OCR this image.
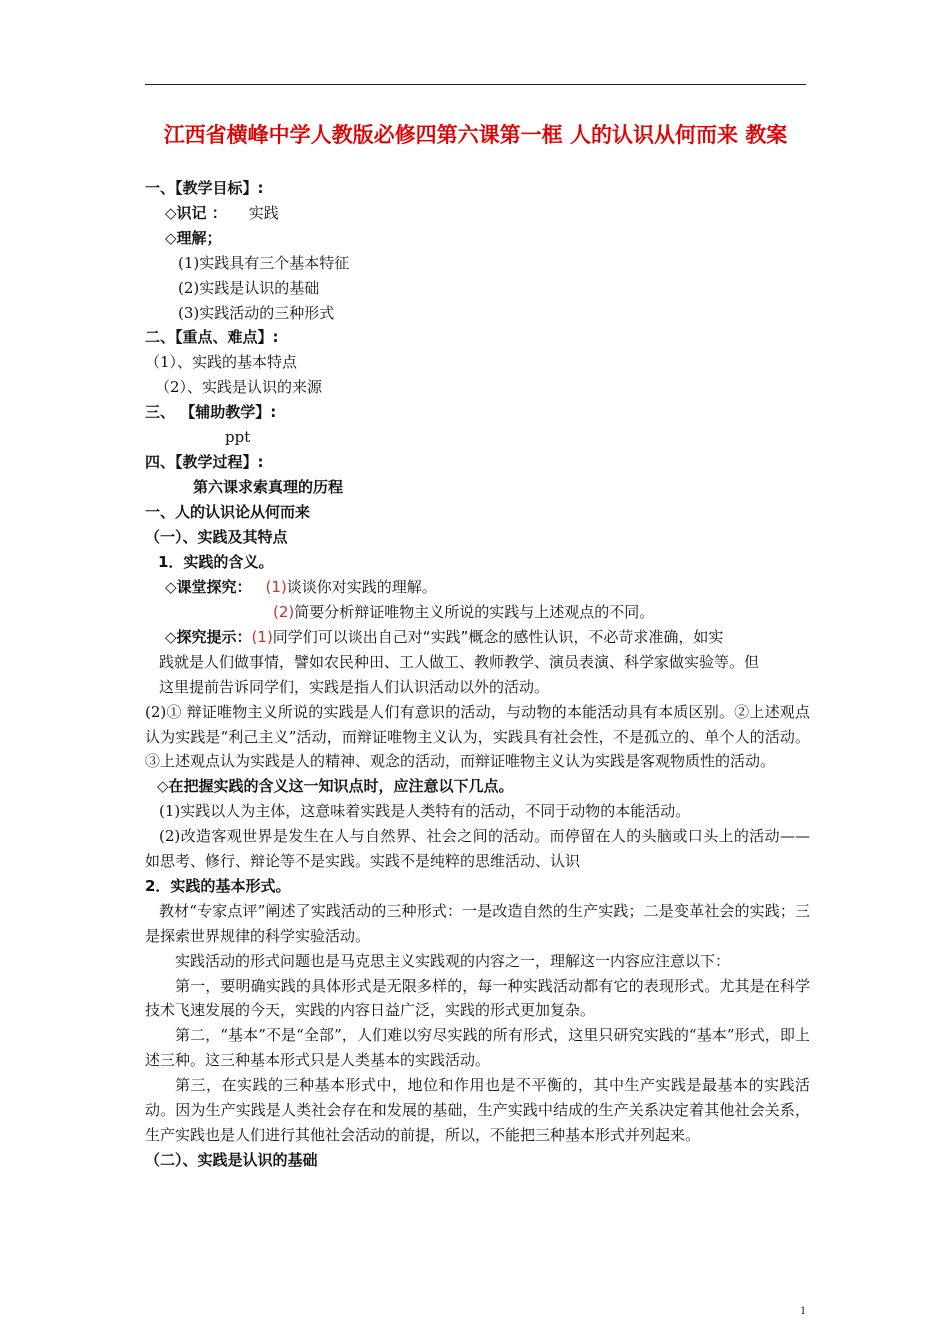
江西省横峰中学人教版必修四第六课第一框 人的认识从何而来 教案

一、【教学目标】:

◇识记 ： 实践

◇理解；

(1)实践具有三个基本特征

(2)实践是认识的基础

(3)实践活动的三种形式

二、【重点、难点】:

（1）、实践的基本特点

（2）、实践是认识的来源

三、 【辅助教学】:

ppt

四、【教学过程】:

第六课求索真理的历程

一、人的认识论从何而来

（一）、实践及其特点

1．实践的含义。

◇课堂探究： (1)谈谈你对实践的理解。

(2)简要分析辩证唯物主义所说的实践与上述观点的不同。

◇探究提示：(1)同学们可以谈出自己对“实践”概念的感性认识，不必苛求准确，如实

践就是人们做事情，譬如农民种田、工人做工、教师教学、演员表演、科学家做实验等。但

这里提前告诉同学们，实践是指人们认识活动以外的活动。

(2)① 辩证唯物主义所说的实践是人们有意识的活动，与动物的本能活动具有本质区别。②上述观点认为实践是“利己主义”活动，而辩证唯物主义认为，实践具有社会性，不是孤立的、单个人的活动。③上述观点认为实践是人的精神、观念的活动，而辩证唯物主义认为实践是客观物质性的活动。

◇在把握实践的含义这一知识点时，应注意以下几点。

(1)实践以人为主体，这意味着实践是人类特有的活动，不同于动物的本能活动。

(2)改造客观世界是发生在人与自然界、社会之间的活动。而停留在人的头脑或口头上的活动——如思考、修行、辩论等不是实践。实践不是纯粹的思维活动、认识

2．实践的基本形式。

教材“专家点评”阐述了实践活动的三种形式：一是改造自然的生产实践；二是变革社会的实践；三是探索世界规律的科学实验活动。

实践活动的形式问题也是马克思主义实践观的内容之一，理解这一内容应注意以下：

第一，要明确实践的具体形式是无限多样的，每一种实践活动都有它的表现形式。尤其是在科学技术飞速发展的今天，实践的内容日益广泛，实践的形式更加复杂。

第二，“基本”不是“全部”，人们难以穷尽实践的所有形式，这里只研究实践的“基本”形式，即上述三种。这三种基本形式只是人类基本的实践活动。

第三，在实践的三种基本形式中，地位和作用也是不平衡的，其中生产实践是最基本的实践活动。因为生产实践是人类社会存在和发展的基础，生产实践中结成的生产关系决定着其他社会关系，生产实践也是人们进行其他社会活动的前提，所以，不能把三种基本形式并列起来。

（二）、实践是认识的基础

1
